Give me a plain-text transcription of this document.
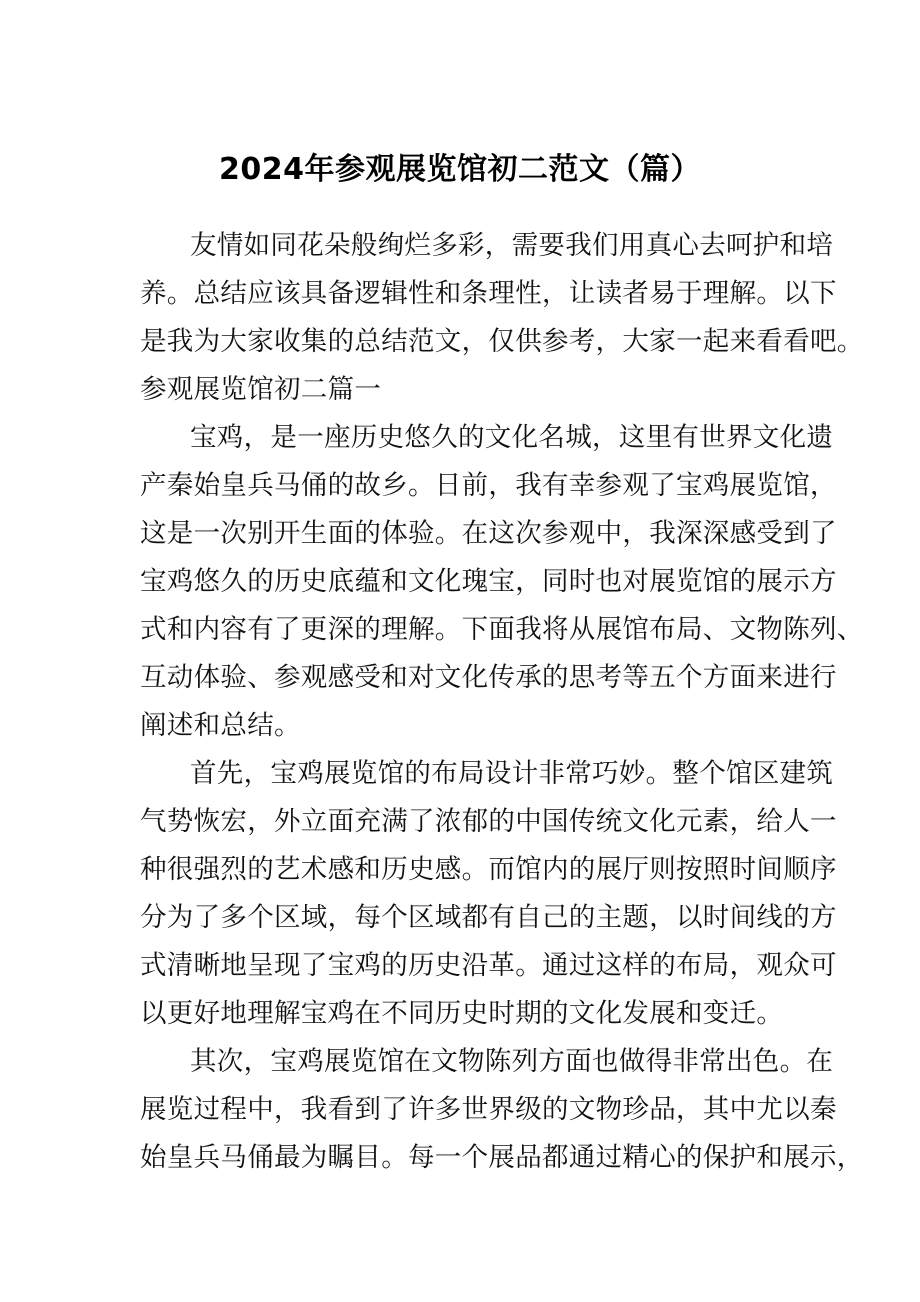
2024年参观展览馆初二范文（篇）
友情如同花朵般绚烂多彩，需要我们用真心去呵护和培
养。总结应该具备逻辑性和条理性，让读者易于理解。以下
是我为大家收集的总结范文，仅供参考，大家一起来看看吧。
参观展览馆初二篇一
宝鸡，是一座历史悠久的文化名城，这里有世界文化遗
产秦始皇兵马俑的故乡。日前，我有幸参观了宝鸡展览馆，
这是一次别开生面的体验。在这次参观中，我深深感受到了
宝鸡悠久的历史底蕴和文化瑰宝，同时也对展览馆的展示方
式和内容有了更深的理解。下面我将从展馆布局、文物陈列、
互动体验、参观感受和对文化传承的思考等五个方面来进行
阐述和总结。
首先，宝鸡展览馆的布局设计非常巧妙。整个馆区建筑
气势恢宏，外立面充满了浓郁的中国传统文化元素，给人一
种很强烈的艺术感和历史感。而馆内的展厅则按照时间顺序
分为了多个区域，每个区域都有自己的主题，以时间线的方
式清晰地呈现了宝鸡的历史沿革。通过这样的布局，观众可
以更好地理解宝鸡在不同历史时期的文化发展和变迁。
其次，宝鸡展览馆在文物陈列方面也做得非常出色。在
展览过程中，我看到了许多世界级的文物珍品，其中尤以秦
始皇兵马俑最为瞩目。每一个展品都通过精心的保护和展示，
